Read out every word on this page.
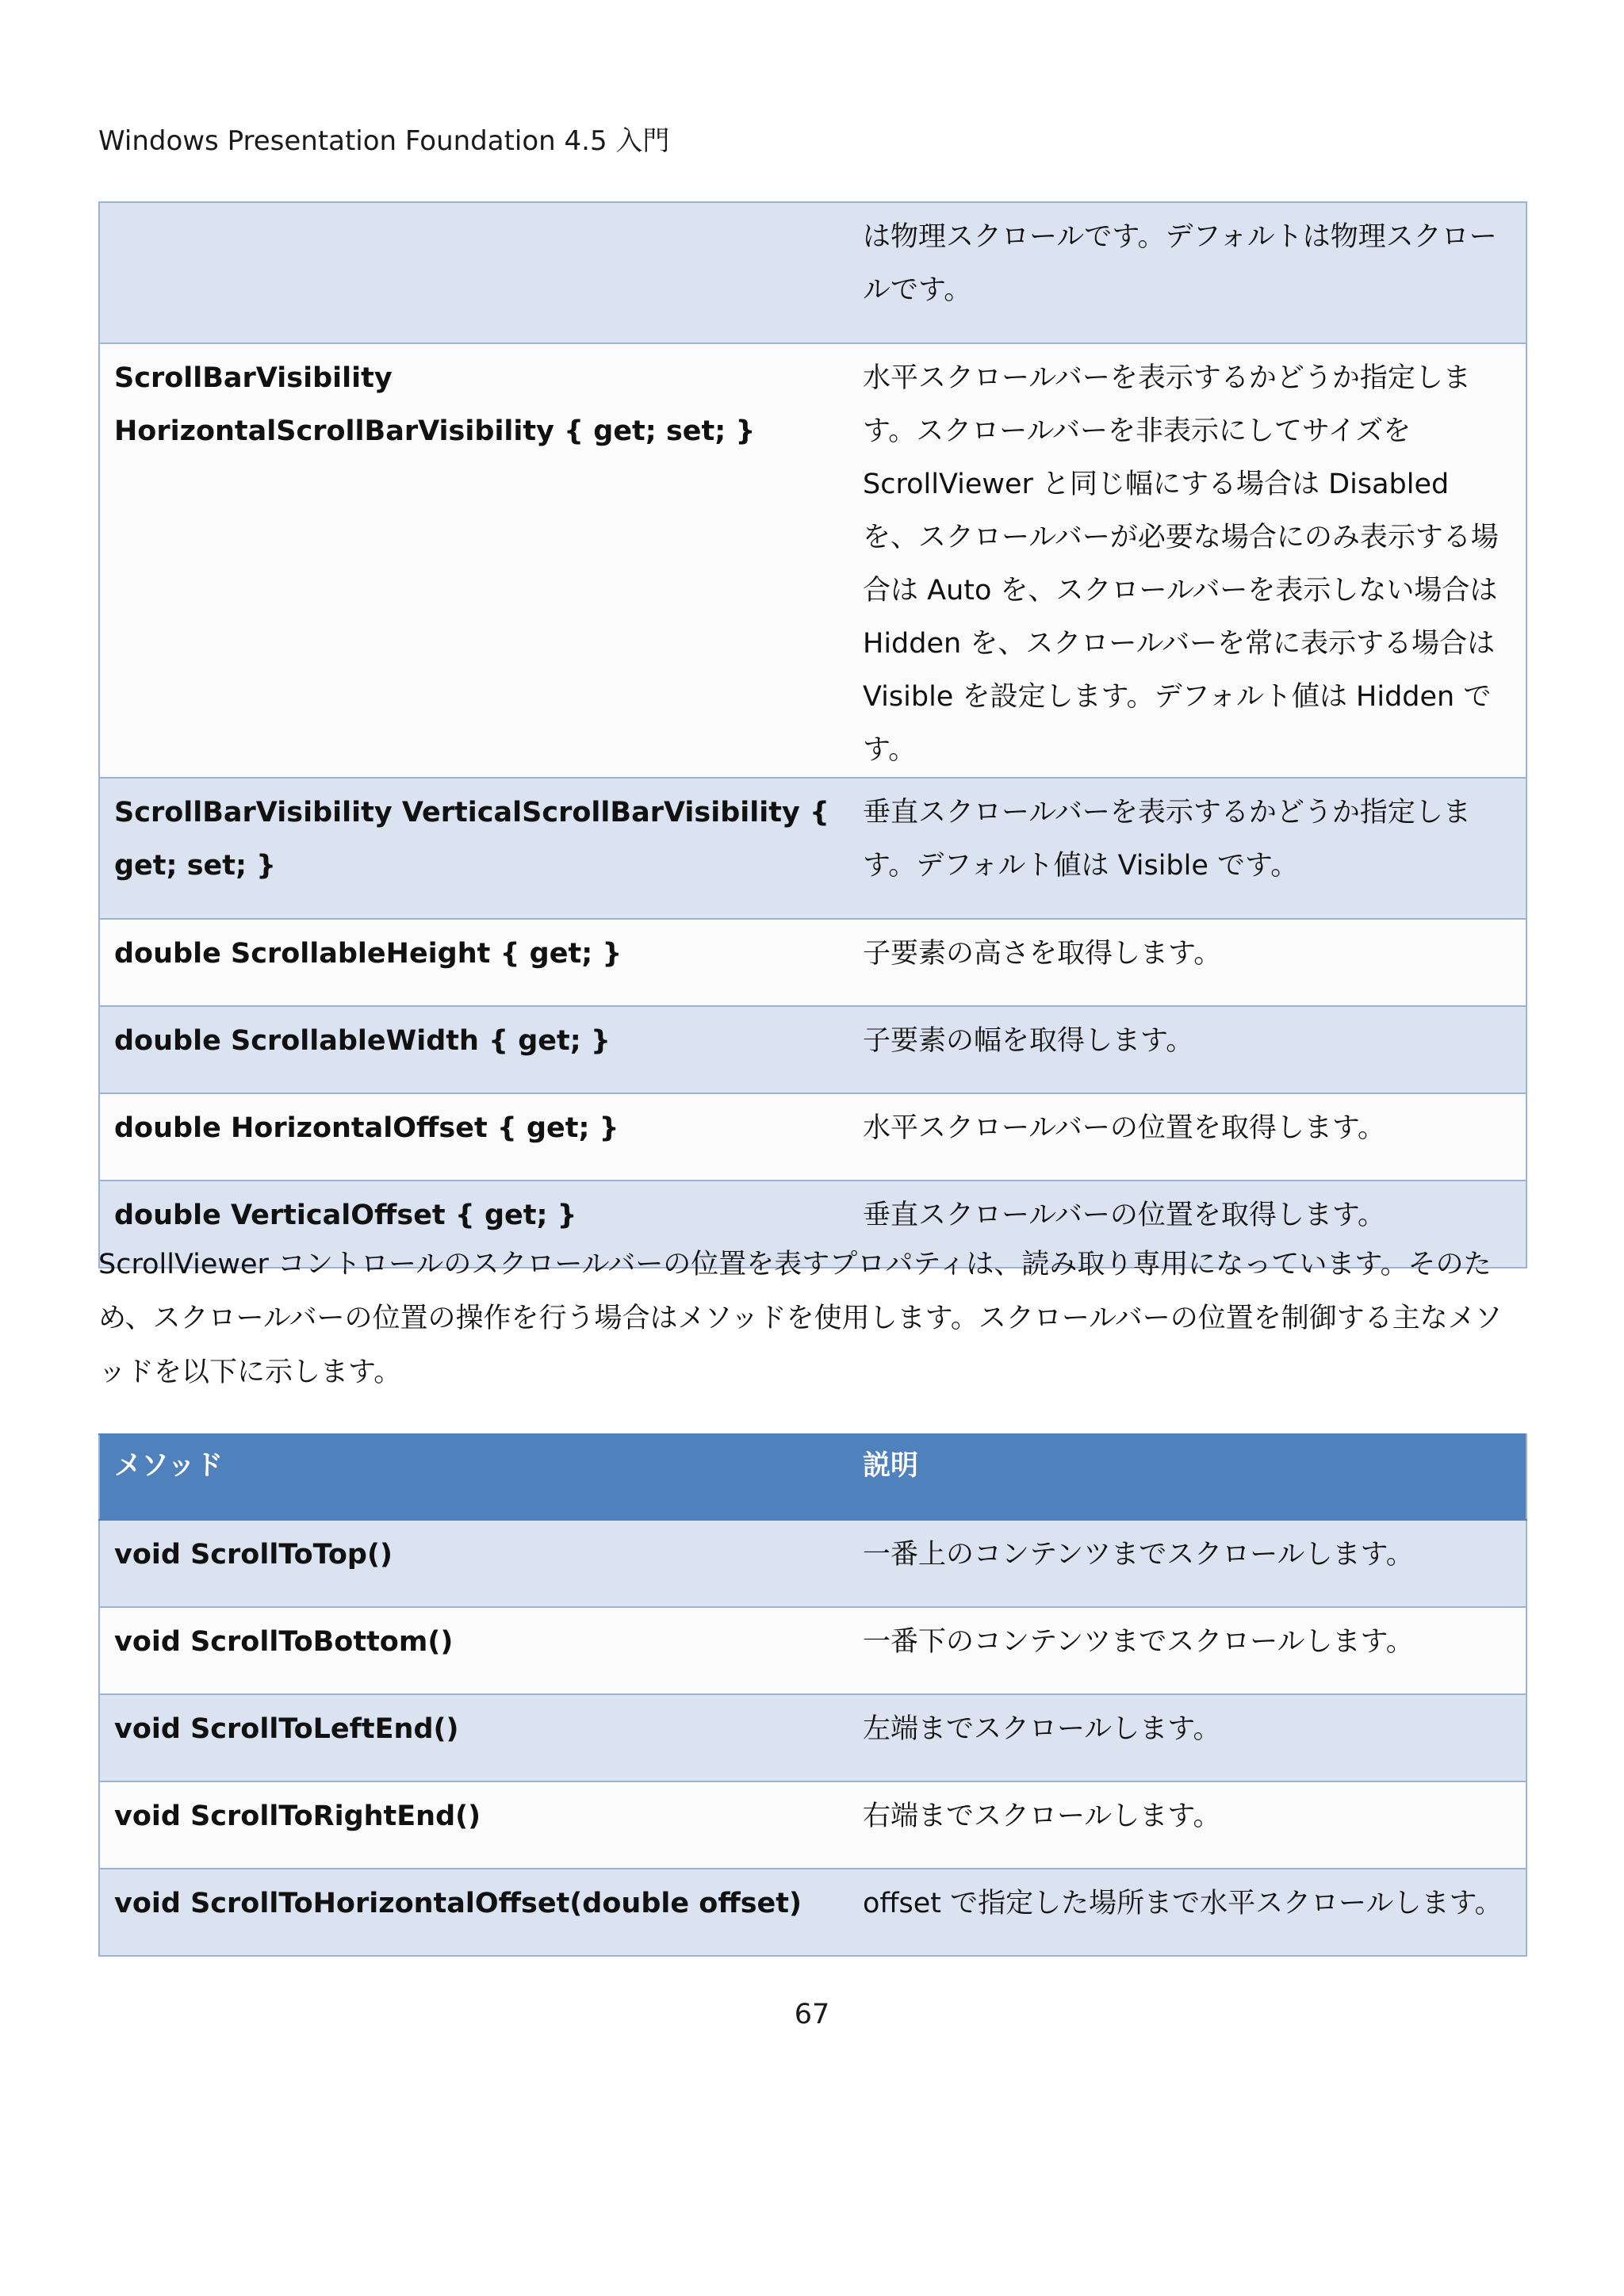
Windows Presentation Foundation 4.5 入門
	は物理スクロールです。デフォルトは物理スクロールです。
ScrollBarVisibility HorizontalScrollBarVisibility { get; set; }	水平スクロールバーを表示するかどうか指定します。スクロールバーを非表示にしてサイズを ScrollViewer と同じ幅にする場合は Disabled を、スクロールバーが必要な場合にのみ表示する場合は Auto を、スクロールバーを表示しない場合は Hidden を、スクロールバーを常に表示する場合は Visible を設定します。デフォルト値は Hidden です。
ScrollBarVisibility VerticalScrollBarVisibility { get; set; }	垂直スクロールバーを表示するかどうか指定します。デフォルト値は Visible です。
double ScrollableHeight { get; }	子要素の高さを取得します。
double ScrollableWidth { get; }	子要素の幅を取得します。
double HorizontalOffset { get; }	水平スクロールバーの位置を取得します。
double VerticalOffset { get; }	垂直スクロールバーの位置を取得します。
ScrollViewer コントロールのスクロールバーの位置を表すプロパティは、読み取り専用になっています。そのため、スクロールバーの位置の操作を行う場合はメソッドを使用します。スクロールバーの位置を制御する主なメソッドを以下に示します。
メソッド	説明
void ScrollToTop()	一番上のコンテンツまでスクロールします。
void ScrollToBottom()	一番下のコンテンツまでスクロールします。
void ScrollToLeftEnd()	左端までスクロールします。
void ScrollToRightEnd()	右端までスクロールします。
void ScrollToHorizontalOffset(double offset)	offset で指定した場所まで水平スクロールします。
67
